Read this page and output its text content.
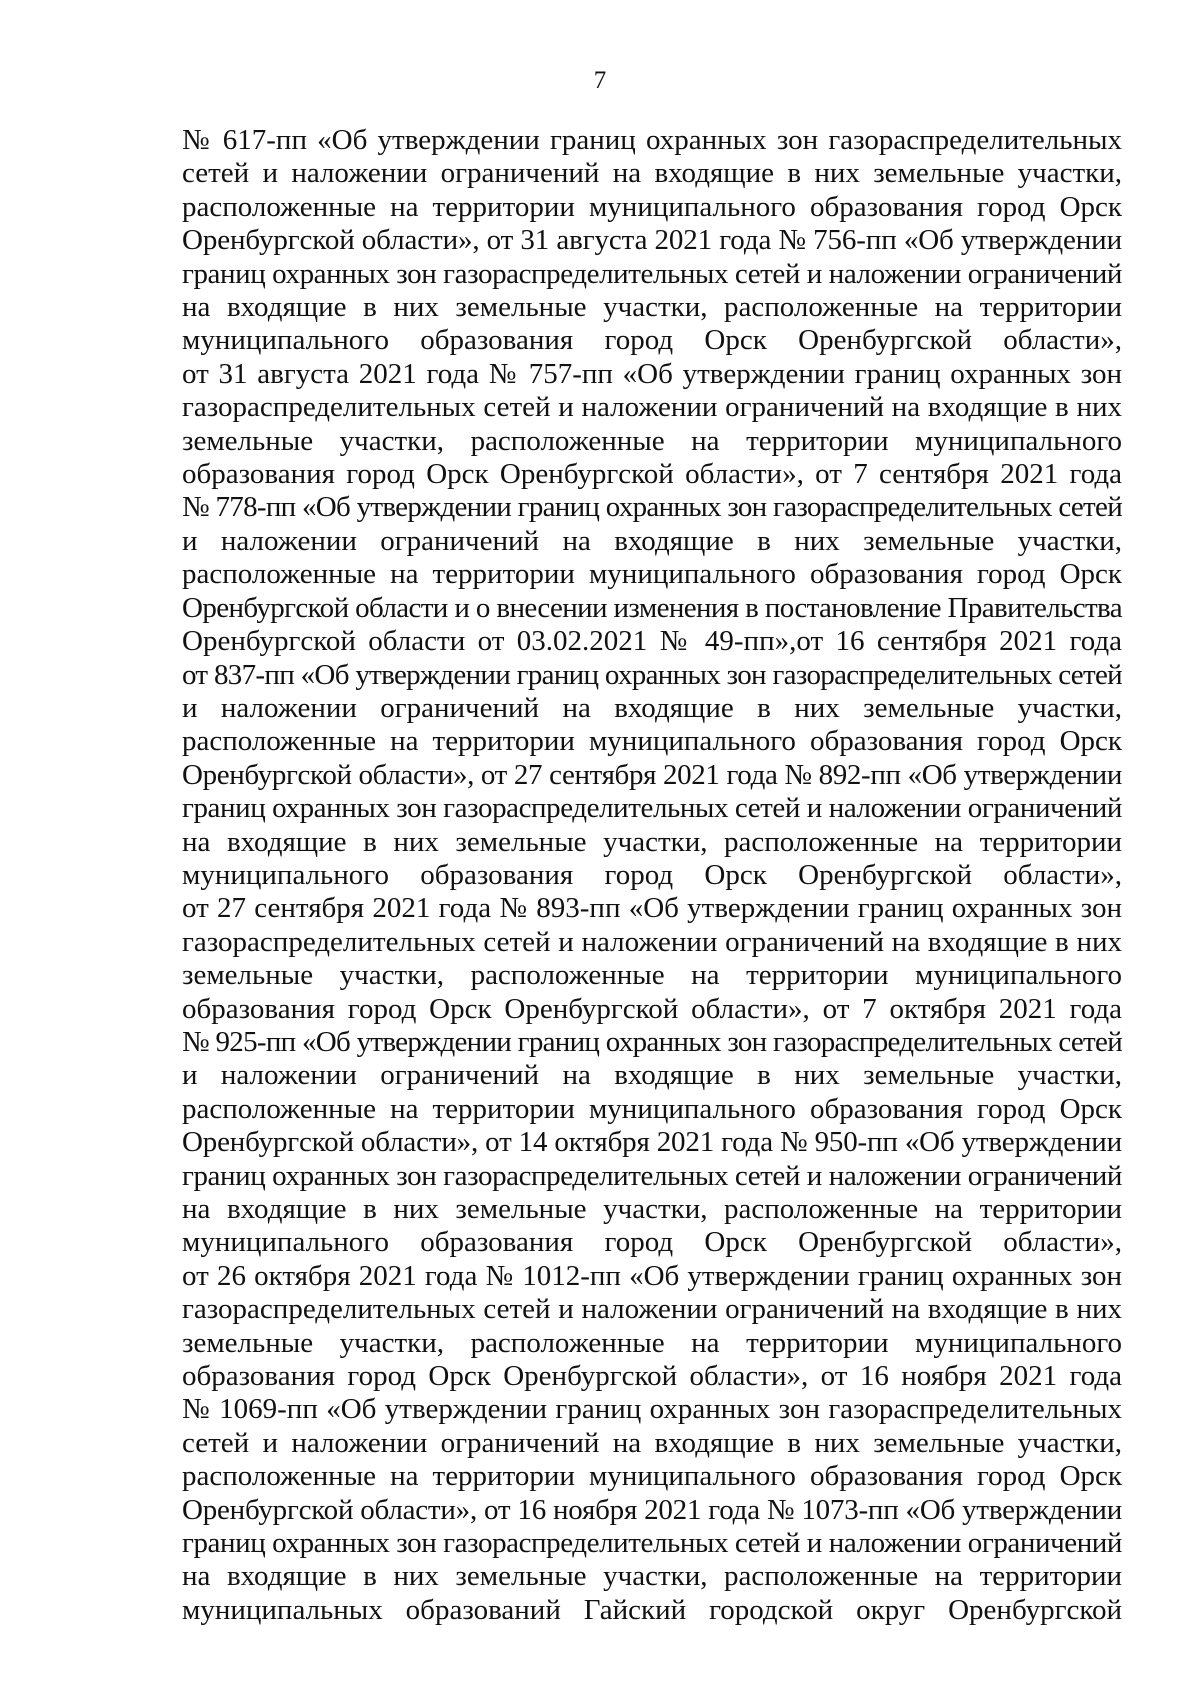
7
№ 617-пп «Об утверждении границ охранных зон газораспределительных
сетей и наложении ограничений на входящие в них земельные участки,
расположенные на территории муниципального образования город Орск
Оренбургской области», от 31 августа 2021 года № 756-пп «Об утверждении
границ охранных зон газораспределительных сетей и наложении ограничений
на входящие в них земельные участки, расположенные на территории
муниципального образования город Орск Оренбургской области»,
от 31 августа 2021 года № 757-пп «Об утверждении границ охранных зон
газораспределительных сетей и наложении ограничений на входящие в них
земельные участки, расположенные на территории муниципального
образования город Орск Оренбургской области», от 7 сентября 2021 года
№ 778-пп «Об утверждении границ охранных зон газораспределительных сетей
и наложении ограничений на входящие в них земельные участки,
расположенные на территории муниципального образования город Орск
Оренбургской области и о внесении изменения в постановление Правительства
Оренбургской области от 03.02.2021 № 49-пп»,от 16 сентября 2021 года
от 837-пп «Об утверждении границ охранных зон газораспределительных сетей
и наложении ограничений на входящие в них земельные участки,
расположенные на территории муниципального образования город Орск
Оренбургской области», от 27 сентября 2021 года № 892-пп «Об утверждении
границ охранных зон газораспределительных сетей и наложении ограничений
на входящие в них земельные участки, расположенные на территории
муниципального образования город Орск Оренбургской области»,
от 27 сентября 2021 года № 893-пп «Об утверждении границ охранных зон
газораспределительных сетей и наложении ограничений на входящие в них
земельные участки, расположенные на территории муниципального
образования город Орск Оренбургской области», от 7 октября 2021 года
№ 925-пп «Об утверждении границ охранных зон газораспределительных сетей
и наложении ограничений на входящие в них земельные участки,
расположенные на территории муниципального образования город Орск
Оренбургской области», от 14 октября 2021 года № 950-пп «Об утверждении
границ охранных зон газораспределительных сетей и наложении ограничений
на входящие в них земельные участки, расположенные на территории
муниципального образования город Орск Оренбургской области»,
от 26 октября 2021 года № 1012-пп «Об утверждении границ охранных зон
газораспределительных сетей и наложении ограничений на входящие в них
земельные участки, расположенные на территории муниципального
образования город Орск Оренбургской области», от 16 ноября 2021 года
№ 1069-пп «Об утверждении границ охранных зон газораспределительных
сетей и наложении ограничений на входящие в них земельные участки,
расположенные на территории муниципального образования город Орск
Оренбургской области», от 16 ноября 2021 года № 1073-пп «Об утверждении
границ охранных зон газораспределительных сетей и наложении ограничений
на входящие в них земельные участки, расположенные на территории
муниципальных образований Гайский городской округ Оренбургской
